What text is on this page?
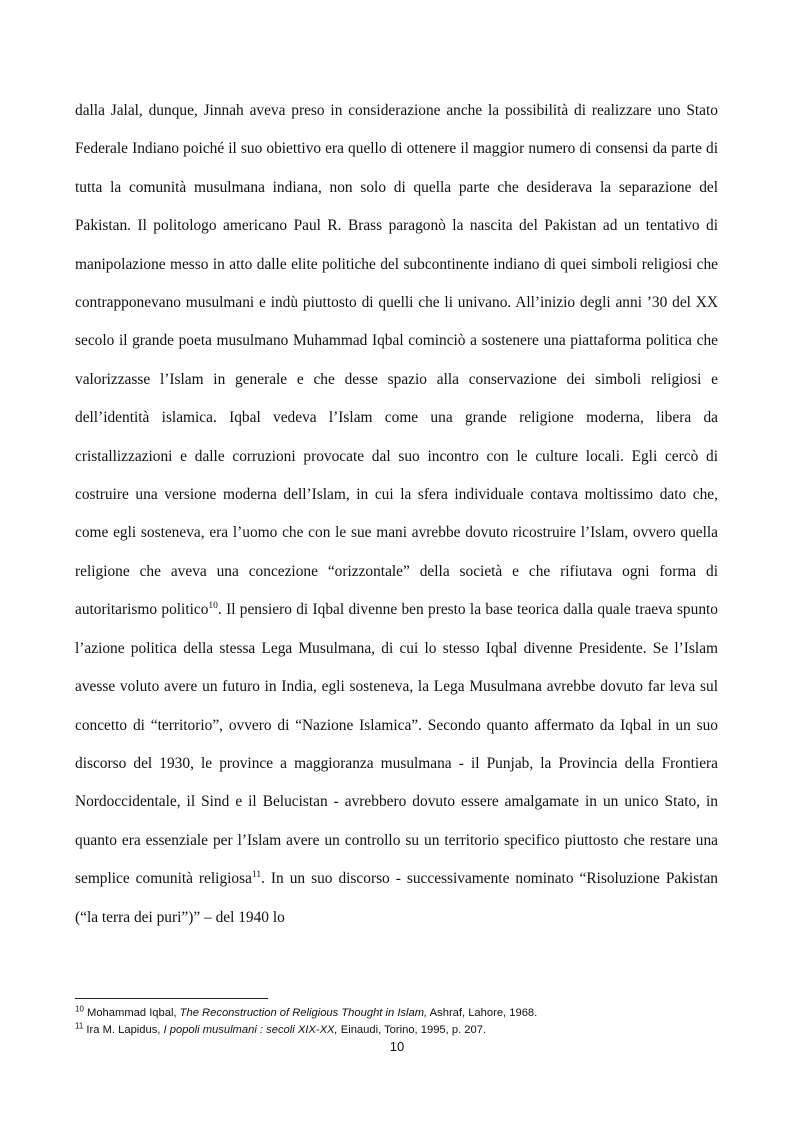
dalla Jalal, dunque, Jinnah aveva preso in considerazione anche la possibilità di realizzare uno Stato Federale Indiano poiché il suo obiettivo era quello di ottenere il maggior numero di consensi da parte di tutta la comunità musulmana indiana, non solo di quella parte che desiderava la separazione del Pakistan. Il politologo americano Paul R. Brass paragonò la nascita del Pakistan ad un tentativo di manipolazione messo in atto dalle elite politiche del subcontinente indiano di quei simboli religiosi che contrapponevano musulmani e indù piuttosto di quelli che li univano. All’inizio degli anni ’30 del XX secolo il grande poeta musulmano Muhammad Iqbal cominciò a sostenere una piattaforma politica che valorizzasse l’Islam in generale e che desse spazio alla conservazione dei simboli religiosi e dell’identità islamica. Iqbal vedeva l’Islam come una grande religione moderna, libera da cristallizzazioni e dalle corruzioni provocate dal suo incontro con le culture locali. Egli cercò di costruire una versione moderna dell’Islam, in cui la sfera individuale contava moltissimo dato che, come egli sosteneva, era l’uomo che con le sue mani avrebbe dovuto ricostruire l’Islam, ovvero quella religione che aveva una concezione “orizzontale” della società e che rifiutava ogni forma di autoritarismo politico$^{10}$. Il pensiero di Iqbal divenne ben presto la base teorica dalla quale traeva spunto l’azione politica della stessa Lega Musulmana, di cui lo stesso Iqbal divenne Presidente. Se l’Islam avesse voluto avere un futuro in India, egli sosteneva, la Lega Musulmana avrebbe dovuto far leva sul concetto di “territorio”, ovvero di “Nazione Islamica”. Secondo quanto affermato da Iqbal in un suo discorso del 1930, le province a maggioranza musulmana - il Punjab, la Provincia della Frontiera Nordoccidentale, il Sind e il Belucistan - avrebbero dovuto essere amalgamate in un unico Stato, in quanto era essenziale per l’Islam avere un controllo su un territorio specifico piuttosto che restare una semplice comunità religiosa$^{11}$. In un suo discorso - successivamente nominato “Risoluzione Pakistan (“la terra dei puri”)” – del 1940 lo

$^{10}$ Mohammad Iqbal, The Reconstruction of Religious Thought in Islam, Ashraf, Lahore, 1968.
$^{11}$ Ira M. Lapidus, I popoli musulmani : secoli XIX-XX, Einaudi, Torino, 1995, p. 207.
10
